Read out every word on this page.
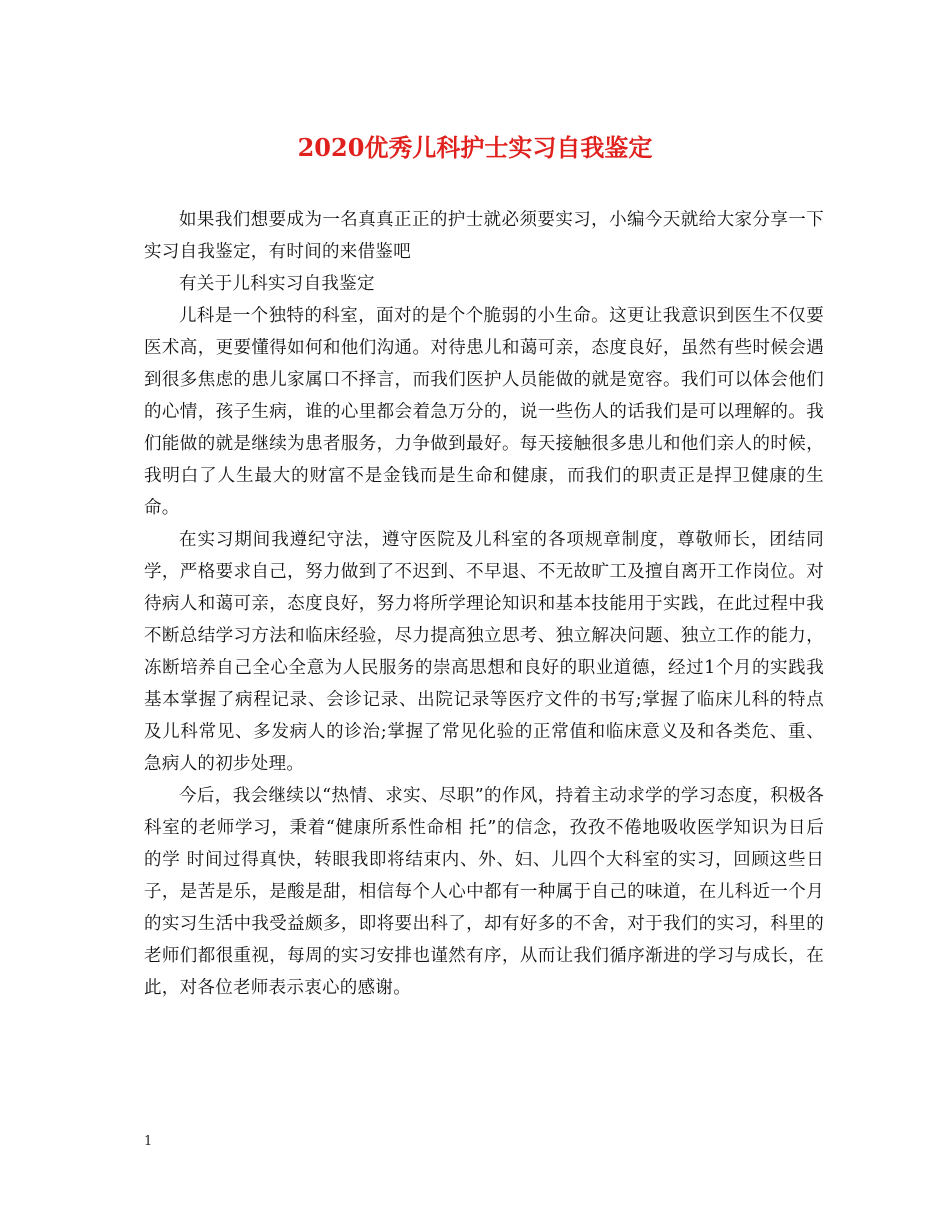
2020优秀儿科护士实习自我鉴定

如果我们想要成为一名真真正正的护士就必须要实习，小编今天就给大家分享一下实习自我鉴定，有时间的来借鉴吧

有关于儿科实习自我鉴定

儿科是一个独特的科室，面对的是个个脆弱的小生命。这更让我意识到医生不仅要医术高，更要懂得如何和他们沟通。对待患儿和蔼可亲，态度良好，虽然有些时候会遇到很多焦虑的患儿家属口不择言，而我们医护人员能做的就是宽容。我们可以体会他们的心情，孩子生病，谁的心里都会着急万分的，说一些伤人的话我们是可以理解的。我们能做的就是继续为患者服务，力争做到最好。每天接触很多患儿和他们亲人的时候，我明白了人生最大的财富不是金钱而是生命和健康，而我们的职责正是捍卫健康的生命。

在实习期间我遵纪守法，遵守医院及儿科室的各项规章制度，尊敬师长，团结同学，严格要求自己，努力做到了不迟到、不早退、不无故旷工及擅自离开工作岗位。对待病人和蔼可亲，态度良好，努力将所学理论知识和基本技能用于实践，在此过程中我不断总结学习方法和临床经验，尽力提高独立思考、独立解决问题、独立工作的能力，冻断培养自己全心全意为人民服务的崇高思想和良好的职业道德，经过1个月的实践我基本掌握了病程记录、会诊记录、出院记录等医疗文件的书写;掌握了临床儿科的特点及儿科常见、多发病人的诊治;掌握了常见化验的正常值和临床意义及和各类危、重、急病人的初步处理。

今后，我会继续以“热情、求实、尽职”的作风，持着主动求学的学习态度，积极各科室的老师学习，秉着“健康所系性命相 托”的信念，孜孜不倦地吸收医学知识为日后的学 时间过得真快，转眼我即将结束内、外、妇、儿四个大科室的实习，回顾这些日子，是苦是乐，是酸是甜，相信每个人心中都有一种属于自己的味道，在儿科近一个月的实习生活中我受益颇多，即将要出科了，却有好多的不舍，对于我们的实习，科里的老师们都很重视，每周的实习安排也谨然有序，从而让我们循序渐进的学习与成长，在此，对各位老师表示衷心的感谢。

1
